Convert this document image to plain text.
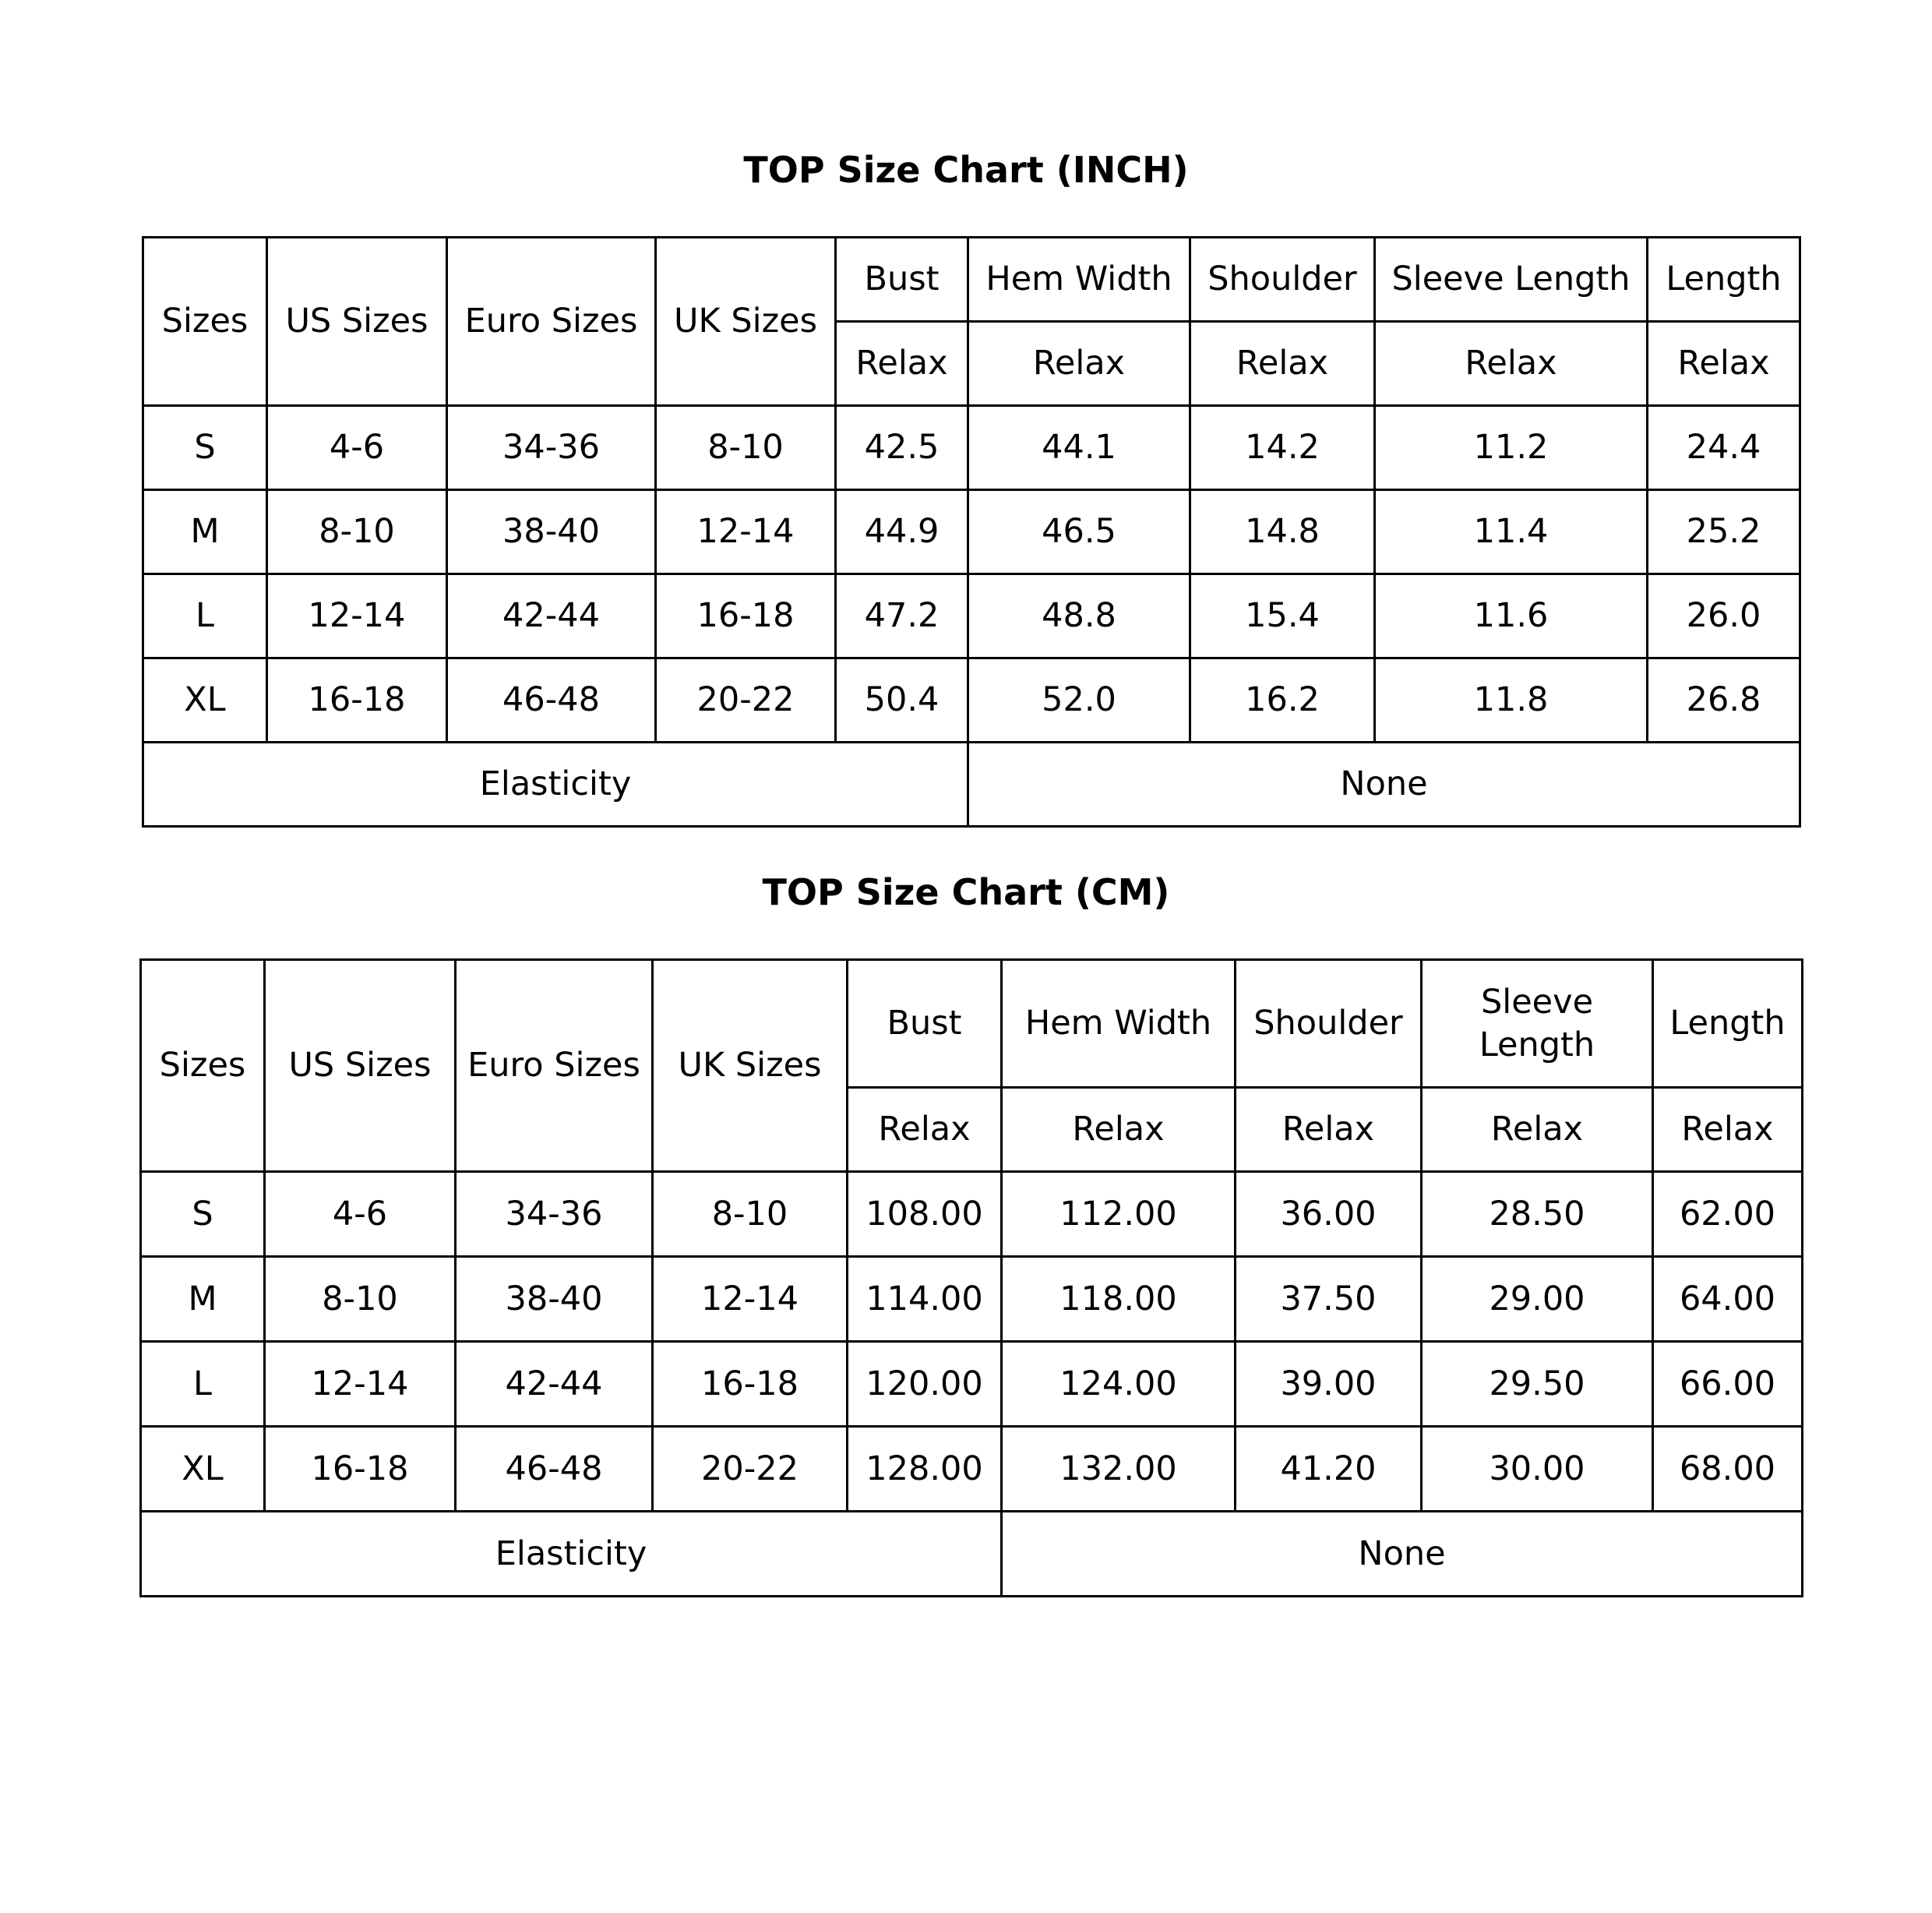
TOP Size Chart (INCH)
Sizes	US Sizes	Euro Sizes	UK Sizes	Bust	Hem Width	Shoulder	Sleeve Length	Length
				Relax	Relax	Relax	Relax	Relax
S	4-6	34-36	8-10	42.5	44.1	14.2	11.2	24.4
M	8-10	38-40	12-14	44.9	46.5	14.8	11.4	25.2
L	12-14	42-44	16-18	47.2	48.8	15.4	11.6	26.0
XL	16-18	46-48	20-22	50.4	52.0	16.2	11.8	26.8
Elasticity					None			
TOP Size Chart (CM)
Sizes	US Sizes	Euro Sizes	UK Sizes	Bust	Hem Width	Shoulder	Sleeve Length	Length
				Relax	Relax	Relax	Relax	Relax
S	4-6	34-36	8-10	108.00	112.00	36.00	28.50	62.00
M	8-10	38-40	12-14	114.00	118.00	37.50	29.00	64.00
L	12-14	42-44	16-18	120.00	124.00	39.00	29.50	66.00
XL	16-18	46-48	20-22	128.00	132.00	41.20	30.00	68.00
Elasticity					None			
